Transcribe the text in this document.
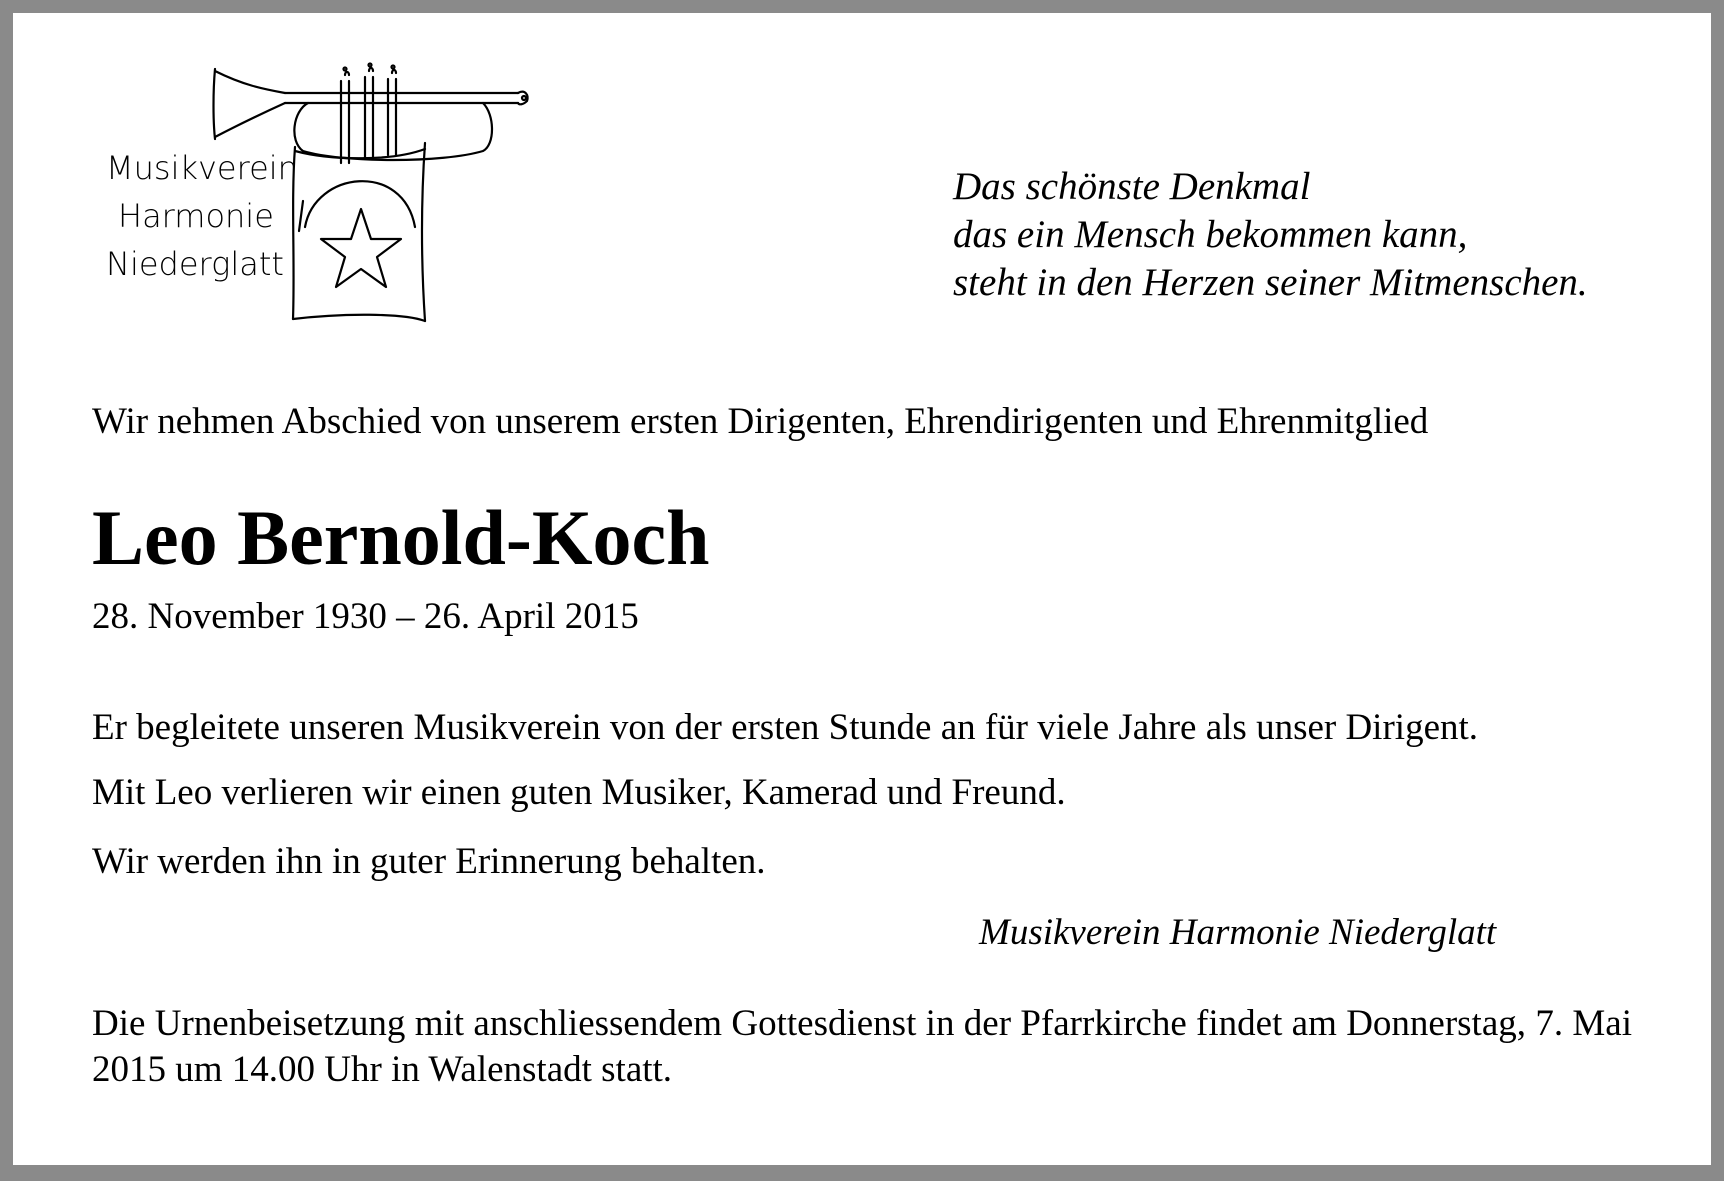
Musikverein
Harmonie
Niederglatt
Das schönste Denkmal
das ein Mensch bekommen kann,
steht in den Herzen seiner Mitmenschen.
Wir nehmen Abschied von unserem ersten Dirigenten, Ehrendirigenten und Ehrenmitglied
Leo Bernold-Koch
28. November 1930 – 26. April 2015
Er begleitete unseren Musikverein von der ersten Stunde an für viele Jahre als unser Dirigent.
Mit Leo verlieren wir einen guten Musiker, Kamerad und Freund.
Wir werden ihn in guter Erinnerung behalten.
Musikverein Harmonie Niederglatt
Die Urnenbeisetzung mit anschliessendem Gottesdienst in der Pfarrkirche findet am Donnerstag, 7. Mai 2015 um 14.00 Uhr in Walenstadt statt.
